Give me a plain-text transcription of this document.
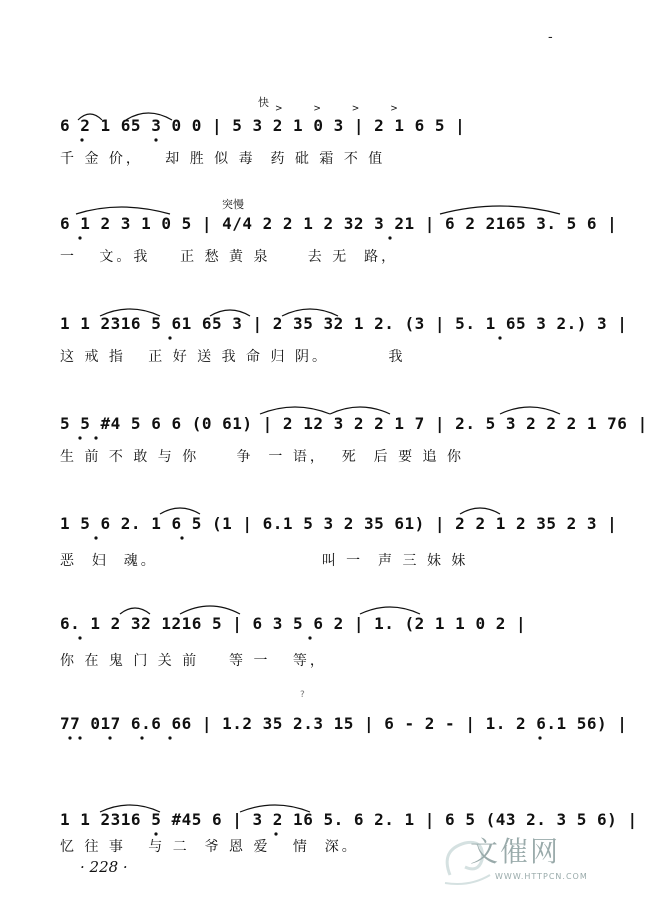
-
?
快 > > > >
6 2 1 65 3 0 0 | 5 3 2 1 0 3 | 2 1 6 5 |
千 金 价，   却 胜 似 毒  药 砒 霜 不 值
突慢
6 1 2 3 1 0 5 | 4/4 2 2 1 2 32 3 21 | 6 2 2165 3. 5 6 |
一   文。我    正 愁 黄 泉     去 无  路，
1 1 2316 5 61 65 3 | 2 35 32 1 2. (3 | 5. 1 65 3 2.) 3 |
这 戒 指   正 好 送 我 命 归 阴。        我
5 5 #4 5 6 6 (0 61) | 2 12 3 2 2 1 7 | 2. 5 3 2 2 2 1 76 |
生 前 不 敢 与 你     争  一 语，  死  后 要 追 你
1 5 6 2. 1 6 5 (1 | 6.1 5 3 2 35 61) | 2 2 1 2 35 2 3 |
恶  妇  魂。                      叫 一  声 三 妹 妹
6. 1 2 32 1216 5 | 6 3 5 6 2 | 1. (2 1 1 0 2 |
你 在 鬼 门 关 前    等 一   等，
77 017 6.6 66 | 1.2 35 2.3 15 | 6 - 2 - | 1. 2 6.1 56) |
1 1 2316 5 #45 6 | 3 2 16 5. 6 2. 1 | 6 5 (43 2. 3 5 6) |
忆 往 事   与 二  爷 恩 爱   情  深。
· 228 ·	文催网
WWW.HTTPCN.COM
